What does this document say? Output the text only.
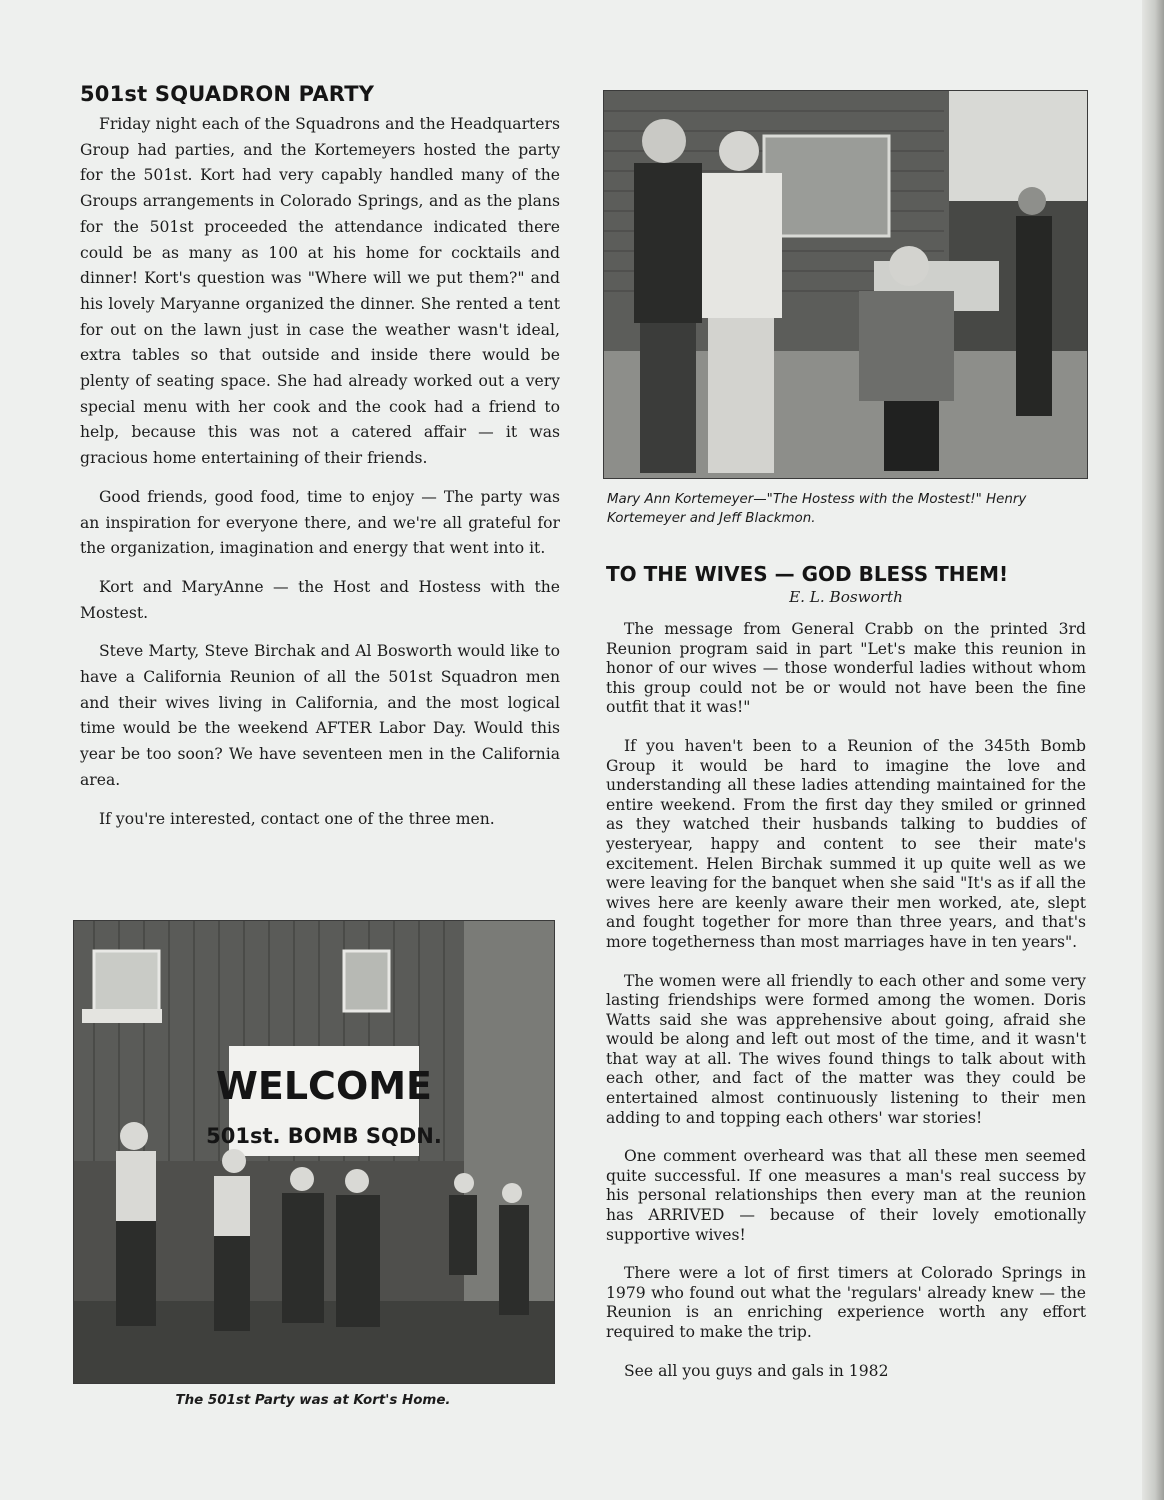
501st SQUADRON PARTY

Friday night each of the Squadrons and the Headquarters Group had parties, and the Kortemeyers hosted the party for the 501st. Kort had very capably handled many of the Groups arrangements in Colorado Springs, and as the plans for the 501st proceeded the attendance indicated there could be as many as 100 at his home for cocktails and dinner! Kort's question was "Where will we put them?" and his lovely Maryanne organized the dinner. She rented a tent for out on the lawn just in case the weather wasn't ideal, extra tables so that outside and inside there would be plenty of seating space. She had already worked out a very special menu with her cook and the cook had a friend to help, because this was not a catered affair — it was gracious home entertaining of their friends.

Good friends, good food, time to enjoy — The party was an inspiration for everyone there, and we're all grateful for the organization, imagination and energy that went into it.

Kort and MaryAnne — the Host and Hostess with the Mostest.

Steve Marty, Steve Birchak and Al Bosworth would like to have a California Reunion of all the 501st Squadron men and their wives living in California, and the most logical time would be the weekend AFTER Labor Day. Would this year be too soon? We have seventeen men in the California area.

If you're interested, contact one of the three men.

WELCOME
501st. BOMB SQDN.
The 501st Party was at Kort's Home.
Mary Ann Kortemeyer—"The Hostess with the Mostest!" Henry Kortemeyer and Jeff Blackmon.
TO THE WIVES — GOD BLESS THEM!
E. L. Bosworth

The message from General Crabb on the printed 3rd Reunion program said in part "Let's make this reunion in honor of our wives — those wonderful ladies without whom this group could not be or would not have been the fine outfit that it was!"

If you haven't been to a Reunion of the 345th Bomb Group it would be hard to imagine the love and understanding all these ladies attending maintained for the entire weekend. From the first day they smiled or grinned as they watched their husbands talking to buddies of yesteryear, happy and content to see their mate's excitement. Helen Birchak summed it up quite well as we were leaving for the banquet when she said "It's as if all the wives here are keenly aware their men worked, ate, slept and fought together for more than three years, and that's more togetherness than most marriages have in ten years".

The women were all friendly to each other and some very lasting friendships were formed among the women. Doris Watts said she was apprehensive about going, afraid she would be along and left out most of the time, and it wasn't that way at all. The wives found things to talk about with each other, and fact of the matter was they could be entertained almost continuously listening to their men adding to and topping each others' war stories!

One comment overheard was that all these men seemed quite successful. If one measures a man's real success by his personal relationships then every man at the reunion has ARRIVED — because of their lovely emotionally supportive wives!

There were a lot of first timers at Colorado Springs in 1979 who found out what the 'regulars' already knew — the Reunion is an enriching experience worth any effort required to make the trip.

See all you guys and gals in 1982
